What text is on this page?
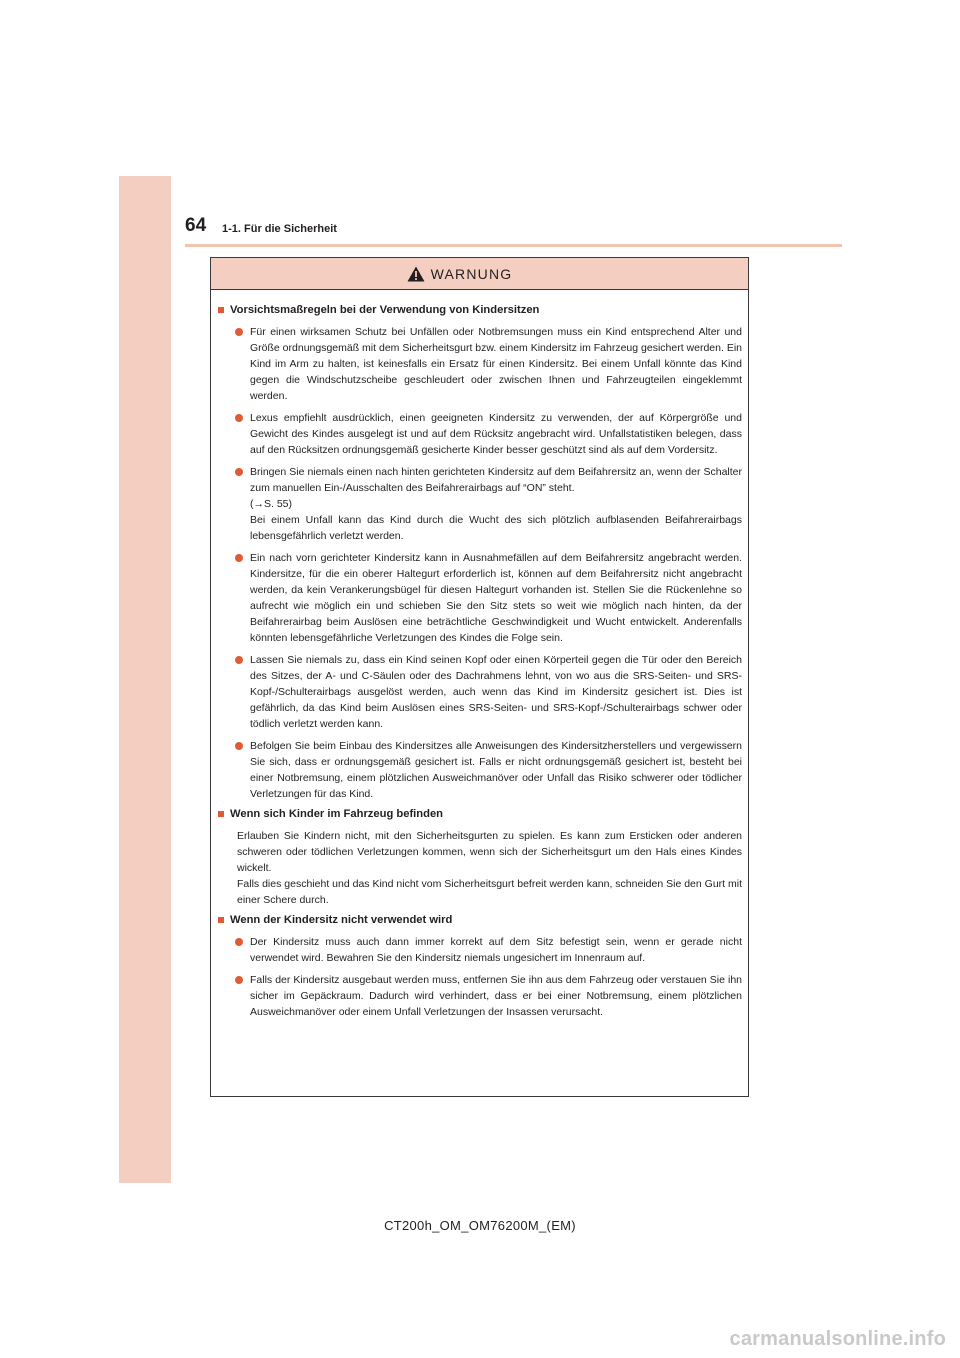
64 1-1. Für die Sicherheit
WARNUNG
Vorsichtsmaßregeln bei der Verwendung von Kindersitzen
Für einen wirksamen Schutz bei Unfällen oder Notbremsungen muss ein Kind entsprechend Alter und Größe ordnungsgemäß mit dem Sicherheitsgurt bzw. einem Kindersitz im Fahrzeug gesichert werden. Ein Kind im Arm zu halten, ist keinesfalls ein Ersatz für einen Kindersitz. Bei einem Unfall könnte das Kind gegen die Windschutzscheibe geschleudert oder zwischen Ihnen und Fahrzeugteilen eingeklemmt werden.
Lexus empfiehlt ausdrücklich, einen geeigneten Kindersitz zu verwenden, der auf Körpergröße und Gewicht des Kindes ausgelegt ist und auf dem Rücksitz angebracht wird. Unfallstatistiken belegen, dass auf den Rücksitzen ordnungsgemäß gesicherte Kinder besser geschützt sind als auf dem Vordersitz.
Bringen Sie niemals einen nach hinten gerichteten Kindersitz auf dem Beifahrersitz an, wenn der Schalter zum manuellen Ein-/Ausschalten des Beifahrerairbags auf “ON” steht.
(→S. 55)
Bei einem Unfall kann das Kind durch die Wucht des sich plötzlich aufblasenden Beifahrerairbags lebensgefährlich verletzt werden.
Ein nach vorn gerichteter Kindersitz kann in Ausnahmefällen auf dem Beifahrersitz angebracht werden. Kindersitze, für die ein oberer Haltegurt erforderlich ist, können auf dem Beifahrersitz nicht angebracht werden, da kein Verankerungsbügel für diesen Haltegurt vorhanden ist. Stellen Sie die Rückenlehne so aufrecht wie möglich ein und schieben Sie den Sitz stets so weit wie möglich nach hinten, da der Beifahrerairbag beim Auslösen eine beträchtliche Geschwindigkeit und Wucht entwickelt. Anderenfalls könnten lebensgefährliche Verletzungen des Kindes die Folge sein.
Lassen Sie niemals zu, dass ein Kind seinen Kopf oder einen Körperteil gegen die Tür oder den Bereich des Sitzes, der A- und C-Säulen oder des Dachrahmens lehnt, von wo aus die SRS-Seiten- und SRS-Kopf-/Schulterairbags ausgelöst werden, auch wenn das Kind im Kindersitz gesichert ist. Dies ist gefährlich, da das Kind beim Auslösen eines SRS-Seiten- und SRS-Kopf-/Schulterairbags schwer oder tödlich verletzt werden kann.
Befolgen Sie beim Einbau des Kindersitzes alle Anweisungen des Kindersitzherstellers und vergewissern Sie sich, dass er ordnungsgemäß gesichert ist. Falls er nicht ordnungsgemäß gesichert ist, besteht bei einer Notbremsung, einem plötzlichen Ausweichmanöver oder Unfall das Risiko schwerer oder tödlicher Verletzungen für das Kind.
Wenn sich Kinder im Fahrzeug befinden
Erlauben Sie Kindern nicht, mit den Sicherheitsgurten zu spielen. Es kann zum Ersticken oder anderen schweren oder tödlichen Verletzungen kommen, wenn sich der Sicherheitsgurt um den Hals eines Kindes wickelt.
Falls dies geschieht und das Kind nicht vom Sicherheitsgurt befreit werden kann, schneiden Sie den Gurt mit einer Schere durch.
Wenn der Kindersitz nicht verwendet wird
Der Kindersitz muss auch dann immer korrekt auf dem Sitz befestigt sein, wenn er gerade nicht verwendet wird. Bewahren Sie den Kindersitz niemals ungesichert im Innenraum auf.
Falls der Kindersitz ausgebaut werden muss, entfernen Sie ihn aus dem Fahrzeug oder verstauen Sie ihn sicher im Gepäckraum. Dadurch wird verhindert, dass er bei einer Notbremsung, einem plötzlichen Ausweichmanöver oder einem Unfall Verletzungen der Insassen verursacht.
CT200h_OM_OM76200M_(EM)
carmanualsonline.info
